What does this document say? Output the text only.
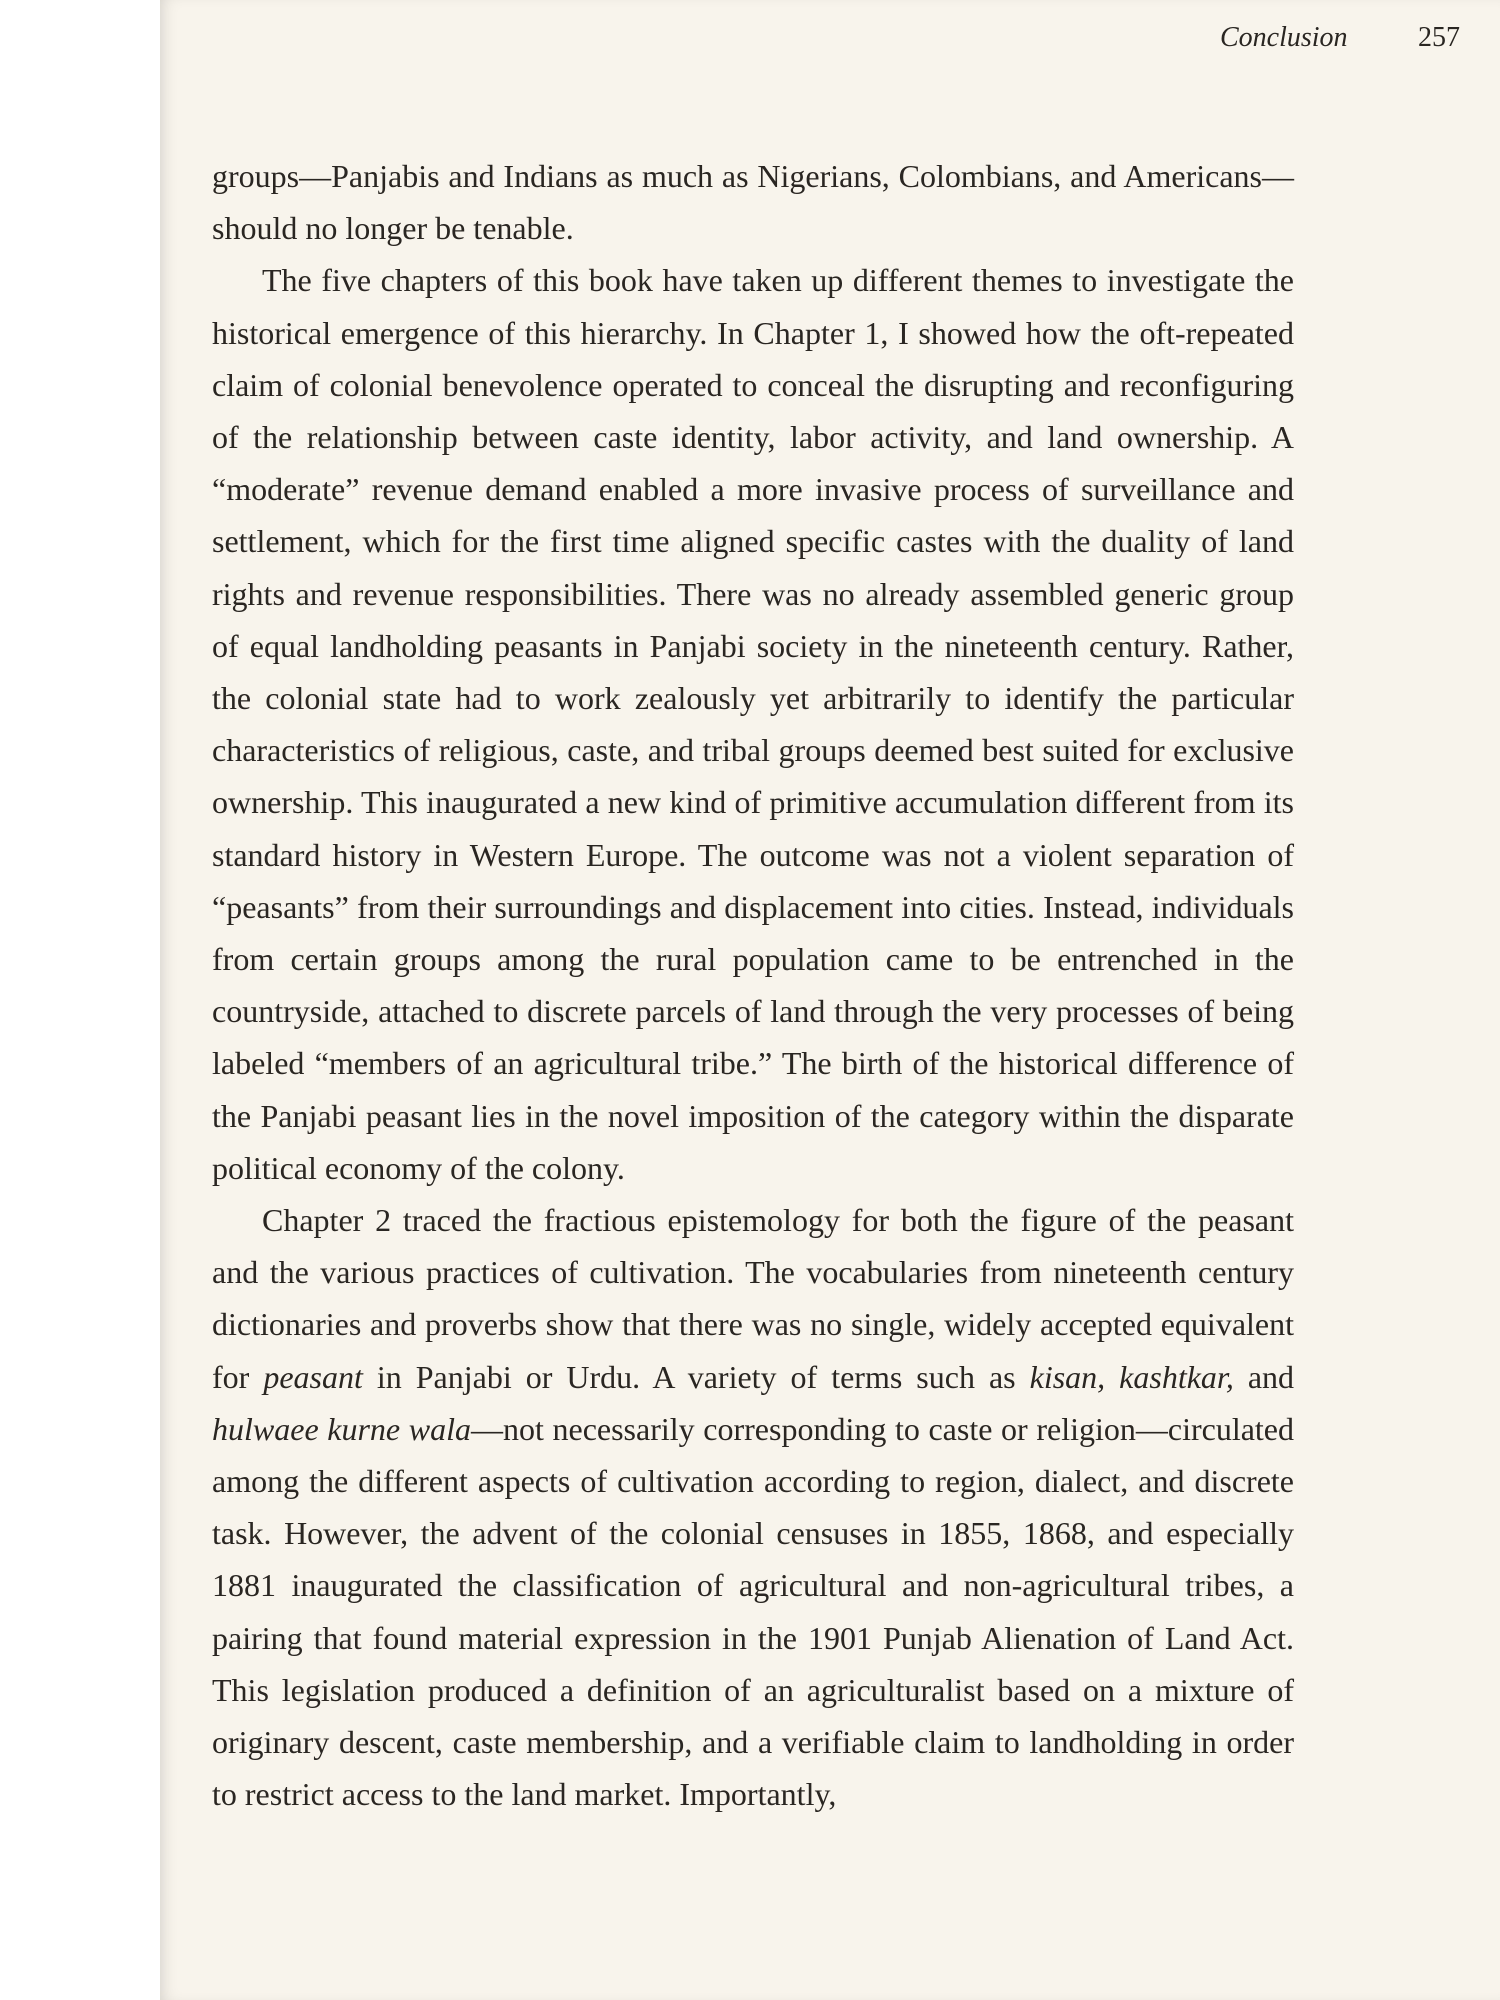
Conclusion	257

groups—Panjabis and Indians as much as Nigerians, Colombians, and Americans—should no longer be tenable.

The five chapters of this book have taken up different themes to investigate the historical emergence of this hierarchy. In Chapter 1, I showed how the oft-repeated claim of colonial benevolence operated to conceal the disrupting and reconfiguring of the relationship between caste identity, labor activity, and land ownership. A “moderate” revenue demand enabled a more invasive process of surveillance and settlement, which for the first time aligned specific castes with the duality of land rights and revenue responsibilities. There was no already assembled generic group of equal landholding peasants in Panjabi society in the nineteenth century. Rather, the colonial state had to work zealously yet arbitrarily to identify the particular characteristics of religious, caste, and tribal groups deemed best suited for exclusive ownership. This inaugurated a new kind of primitive accumulation different from its standard history in Western Europe. The outcome was not a violent separation of “peasants” from their surroundings and displacement into cities. Instead, individuals from certain groups among the rural population came to be entrenched in the countryside, attached to discrete parcels of land through the very processes of being labeled “members of an agricultural tribe.” The birth of the historical difference of the Panjabi peasant lies in the novel imposition of the category within the disparate political economy of the colony.

Chapter 2 traced the fractious epistemology for both the figure of the peasant and the various practices of cultivation. The vocabularies from nineteenth century dictionaries and proverbs show that there was no single, widely accepted equivalent for peasant in Panjabi or Urdu. A variety of terms such as kisan, kashtkar, and hulwaee kurne wala—not necessarily corresponding to caste or religion—circulated among the different aspects of cultivation according to region, dialect, and discrete task. However, the advent of the colonial censuses in 1855, 1868, and especially 1881 inaugurated the classification of agricultural and non-agricultural tribes, a pairing that found material expression in the 1901 Punjab Alienation of Land Act. This legislation produced a definition of an agriculturalist based on a mixture of originary descent, caste membership, and a verifiable claim to landholding in order to restrict access to the land market. Importantly,
